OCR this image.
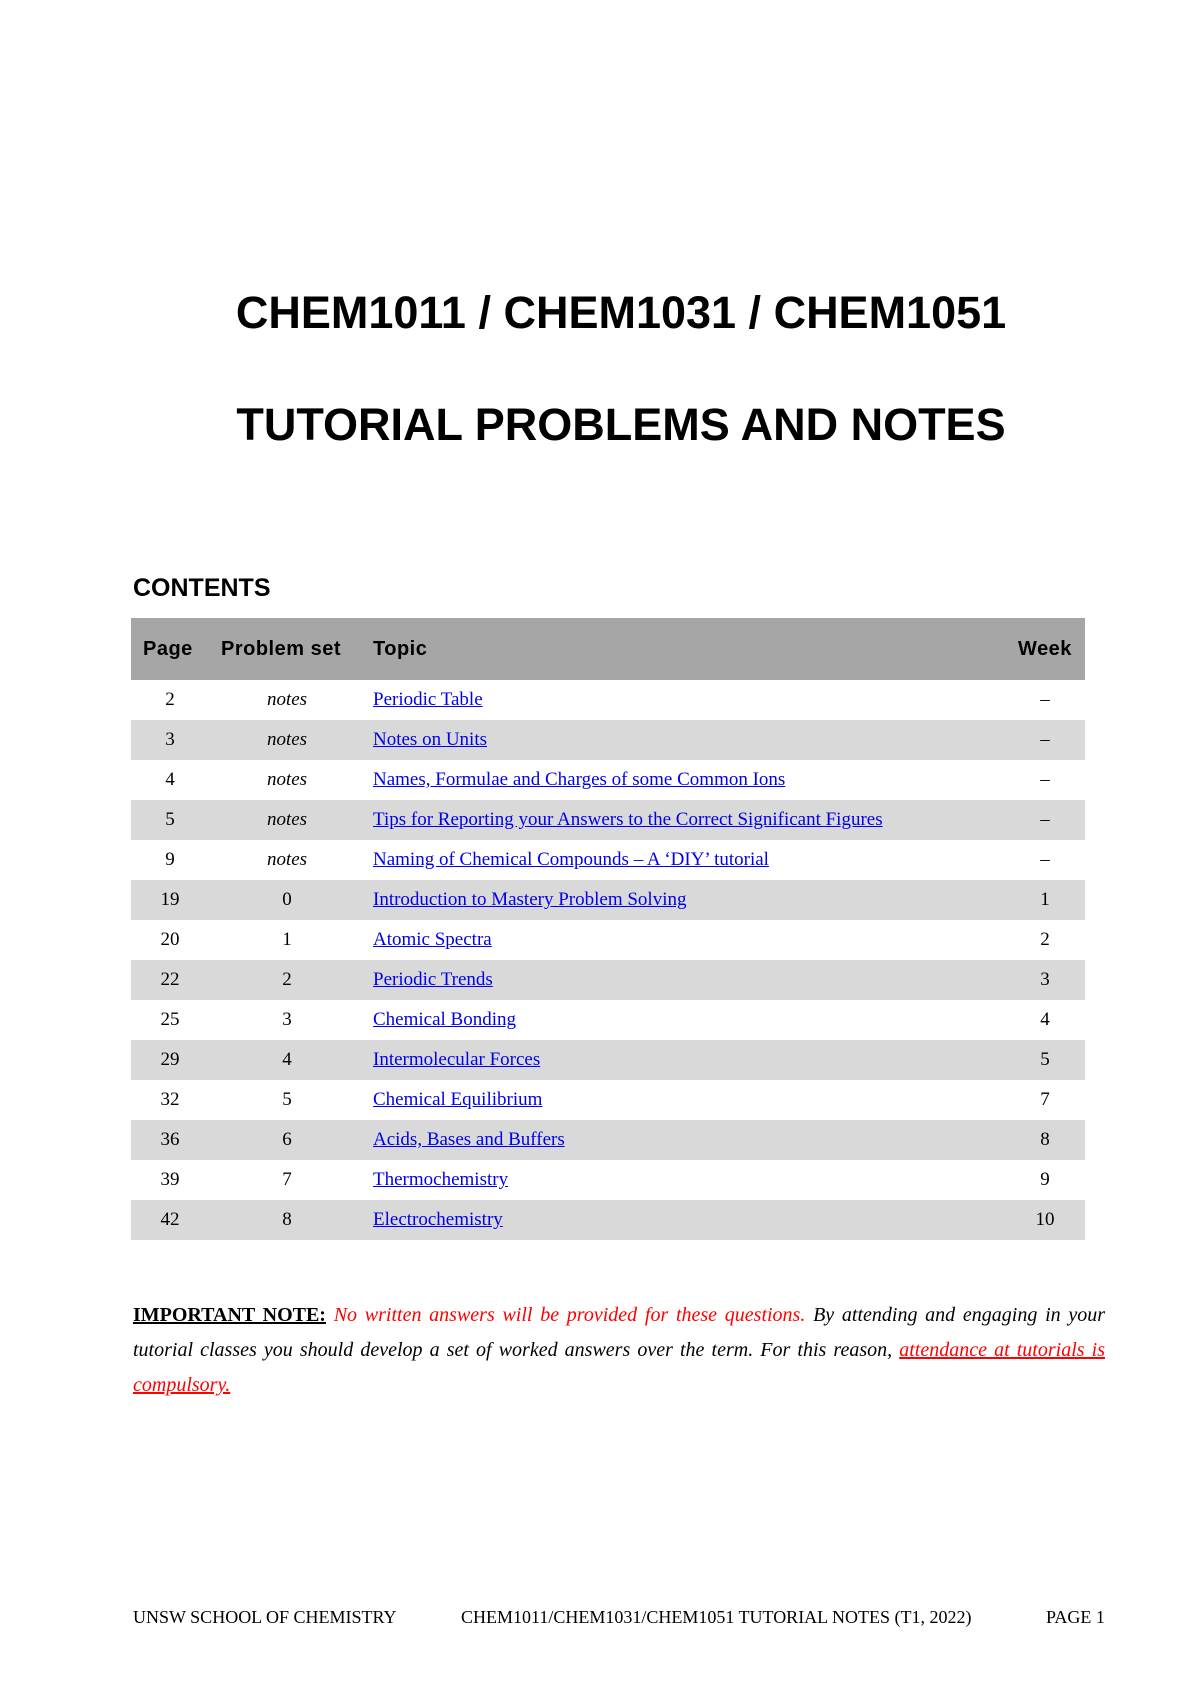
CHEM1011 / CHEM1031 / CHEM1051
TUTORIAL PROBLEMS AND NOTES
CONTENTS
Page	Problem set	Topic	Week
2	notes	Periodic Table	–
3	notes	Notes on Units	–
4	notes	Names, Formulae and Charges of some Common Ions	–
5	notes	Tips for Reporting your Answers to the Correct Significant Figures	–
9	notes	Naming of Chemical Compounds – A ‘DIY’ tutorial	–
19	0	Introduction to Mastery Problem Solving	1
20	1	Atomic Spectra	2
22	2	Periodic Trends	3
25	3	Chemical Bonding	4
29	4	Intermolecular Forces	5
32	5	Chemical Equilibrium	7
36	6	Acids, Bases and Buffers	8
39	7	Thermochemistry	9
42	8	Electrochemistry	10

IMPORTANT NOTE: No written answers will be provided for these questions. By attending and engaging in your tutorial classes you should develop a set of worked answers over the term. For this reason, attendance at tutorials is compulsory.

UNSW SCHOOL OF CHEMISTRY	CHEM1011/CHEM1031/CHEM1051 TUTORIAL NOTES (T1, 2022)	PAGE 1
